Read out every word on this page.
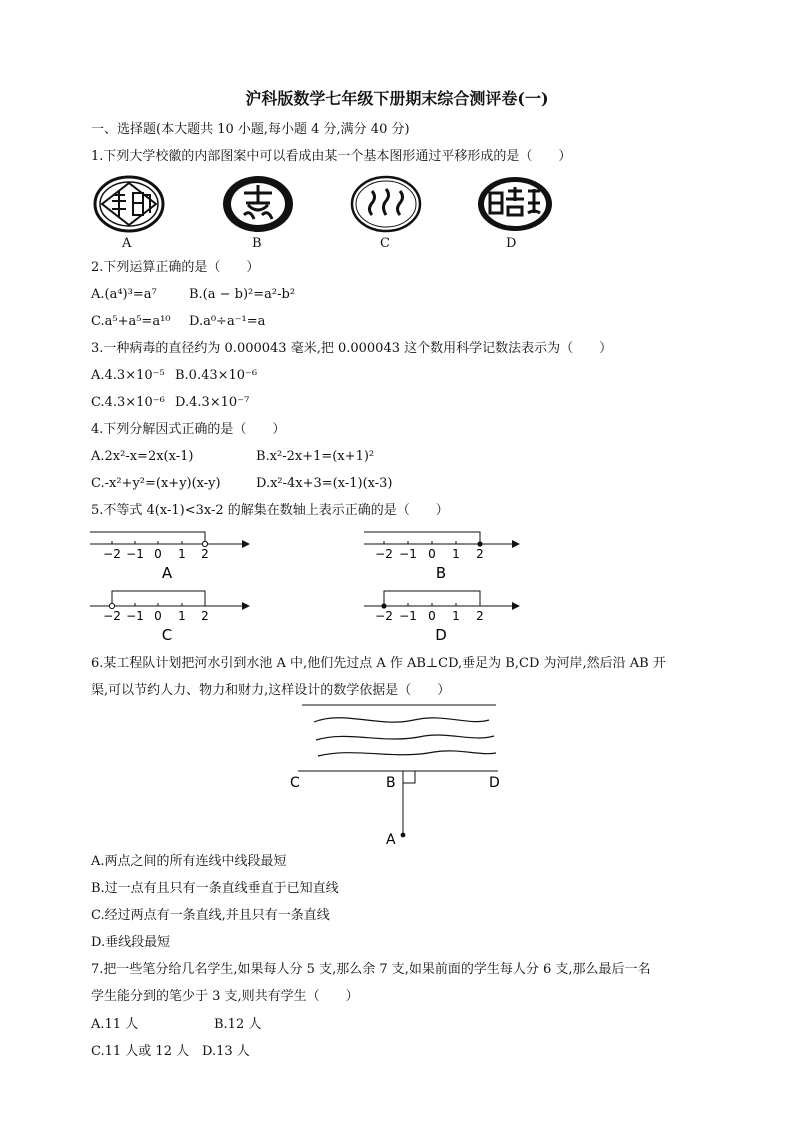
沪科版数学七年级下册期末综合测评卷(一)
一、选择题(本大题共 10 小题,每小题 4 分,满分 40 分)
1.下列大学校徽的内部图案中可以看成由某一个基本图形通过平移形成的是（　　）
A	B	C	D
2.下列运算正确的是（　　）
A.(a⁴)³=a⁷ B.(a − b)²=a²-b²
C.a⁵+a⁵=a¹⁰ D.a⁰÷a⁻¹=a
3.一种病毒的直径约为 0.000043 毫米,把 0.000043 这个数用科学记数法表示为（　　）
A.4.3×10⁻⁵ B.0.43×10⁻⁶
C.4.3×10⁻⁶ D.4.3×10⁻⁷
4.下列分解因式正确的是（　　）
A.2x²-x=2x(x-1)	B.x²-2x+1=(x+1)²
C.-x²+y²=(x+y)(x-y)	D.x²-4x+3=(x-1)(x-3)
5.不等式 4(x-1)<3x-2 的解集在数轴上表示正确的是（　　）
−2 −1 0 1 2
A
−2 −1 0 1 2
B
−2 −1 0 1 2
C
−2 −1 0 1 2
D
6.某工程队计划把河水引到水池 A 中,他们先过点 A 作 AB⊥CD,垂足为 B,CD 为河岸,然后沿 AB 开
渠,可以节约人力、物力和财力,这样设计的数学依据是（　　）
C	B	D
A
A.两点之间的所有连线中线段最短
B.过一点有且只有一条直线垂直于已知直线
C.经过两点有一条直线,并且只有一条直线
D.垂线段最短
7.把一些笔分给几名学生,如果每人分 5 支,那么余 7 支,如果前面的学生每人分 6 支,那么最后一名
学生能分到的笔少于 3 支,则共有学生（　　）
A.11 人	B.12 人
C.11 人或 12 人 D.13 人
